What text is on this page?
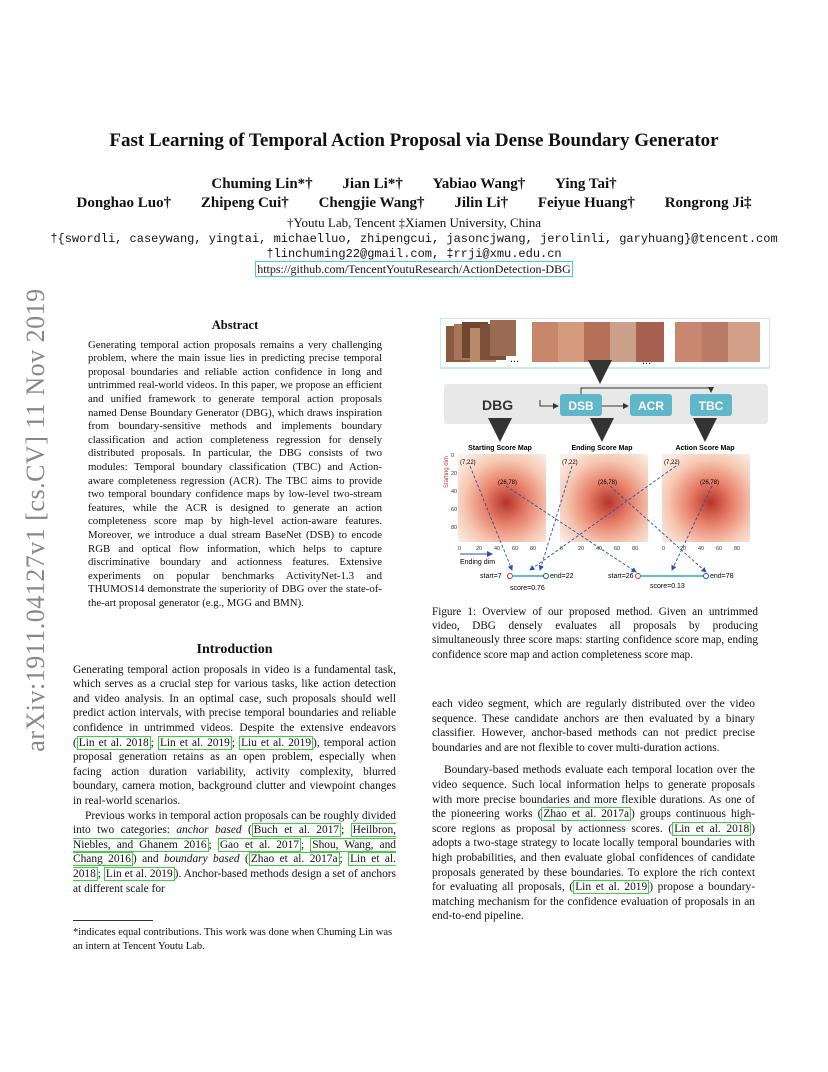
arXiv:1911.04127v1 [cs.CV] 11 Nov 2019
Fast Learning of Temporal Action Proposal via Dense Boundary Generator
Chuming Lin*† Jian Li*† Yabiao Wang† Ying Tai†
Donghao Luo† Zhipeng Cui† Chengjie Wang† Jilin Li† Feiyue Huang† Rongrong Ji‡
†Youtu Lab, Tencent ‡Xiamen University, China
†{swordli, caseywang, yingtai, michaelluo, zhipengcui, jasoncjwang, jerolinli, garyhuang}@tencent.com
†linchuming22@gmail.com, ‡rrji@xmu.edu.cn
https://github.com/TencentYoutuResearch/ActionDetection-DBG

Abstract

Generating temporal action proposals remains a very challenging problem, where the main issue lies in predicting precise temporal proposal boundaries and reliable action confidence in long and untrimmed real-world videos. In this paper, we propose an efficient and unified framework to generate temporal action proposals named Dense Boundary Generator (DBG), which draws inspiration from boundary-sensitive methods and implements boundary classification and action completeness regression for densely distributed proposals. In particular, the DBG consists of two modules: Temporal boundary classification (TBC) and Action-aware completeness regression (ACR). The TBC aims to provide two temporal boundary confidence maps by low-level two-stream features, while the ACR is designed to generate an action completeness score map by high-level action-aware features. Moreover, we introduce a dual stream BaseNet (DSB) to encode RGB and optical flow information, which helps to capture discriminative boundary and actionness features. Extensive experiments on popular benchmarks ActivityNet-1.3 and THUMOS14 demonstrate the superiority of DBG over the state-of-the-art proposal generator (e.g., MGG and BMN).

Introduction

Generating temporal action proposals in video is a fundamental task, which serves as a crucial step for various tasks, like action detection and video analysis. In an optimal case, such proposals should well predict action intervals, with precise temporal boundaries and reliable confidence in untrimmed videos. Despite the extensive endeavors ( Lin et al. 2018 ; Lin et al. 2019 ; Liu et al. 2019 ), temporal action proposal generation retains as an open problem, especially when facing action duration variability, activity complexity, blurred boundary, camera motion, background clutter and viewpoint changes in real-world scenarios.

Previous works in temporal action proposals can be roughly divided into two categories: anchor based ( Buch et al. 2017 ; Heilbron, Niebles, and Ghanem 2016 ; Gao et al. 2017 ; Shou, Wang, and Chang 2016 ) and boundary based ( Zhao et al. 2017a ; Lin et al. 2018 ; Lin et al. 2019 ). Anchor-based methods design a set of anchors at different scale for

*indicates equal contributions. This work was done when Chuming Lin was an intern at Tencent Youtu Lab.
...	...
DBG	DSB	ACR	TBC
Starting Score Map	Ending Score Map	Action Score Map
Starting dim 0
20
40
60
80
0	20 40 60 80	0	20 40 60 80	0	20 40 60 80
(7,22)
(26,78)
(7,22)
(26,78)
(7,22)
(26,78)
Ending dim
start=7	end=22
score=0.76
start=26	end=78
score=0.13
Figure 1: Overview of our proposed method. Given an untrimmed video, DBG densely evaluates all proposals by producing simultaneously three score maps: starting confidence score map, ending confidence score map and action completeness score map.

each video segment, which are regularly distributed over the video sequence. These candidate anchors are then evaluated by a binary classifier. However, anchor-based methods can not predict precise boundaries and are not flexible to cover multi-duration actions.

Boundary-based methods evaluate each temporal location over the video sequence. Such local information helps to generate proposals with more precise boundaries and more flexible durations. As one of the pioneering works ( Zhao et al. 2017a ) groups continuous high-score regions as proposal by actionness scores. ( Lin et al. 2018 ) adopts a two-stage strategy to locate locally temporal boundaries with high probabilities, and then evaluate global confidences of candidate proposals generated by these boundaries. To explore the rich context for evaluating all proposals, ( Lin et al. 2019 ) propose a boundary-matching mechanism for the confidence evaluation of proposals in an end-to-end pipeline.
